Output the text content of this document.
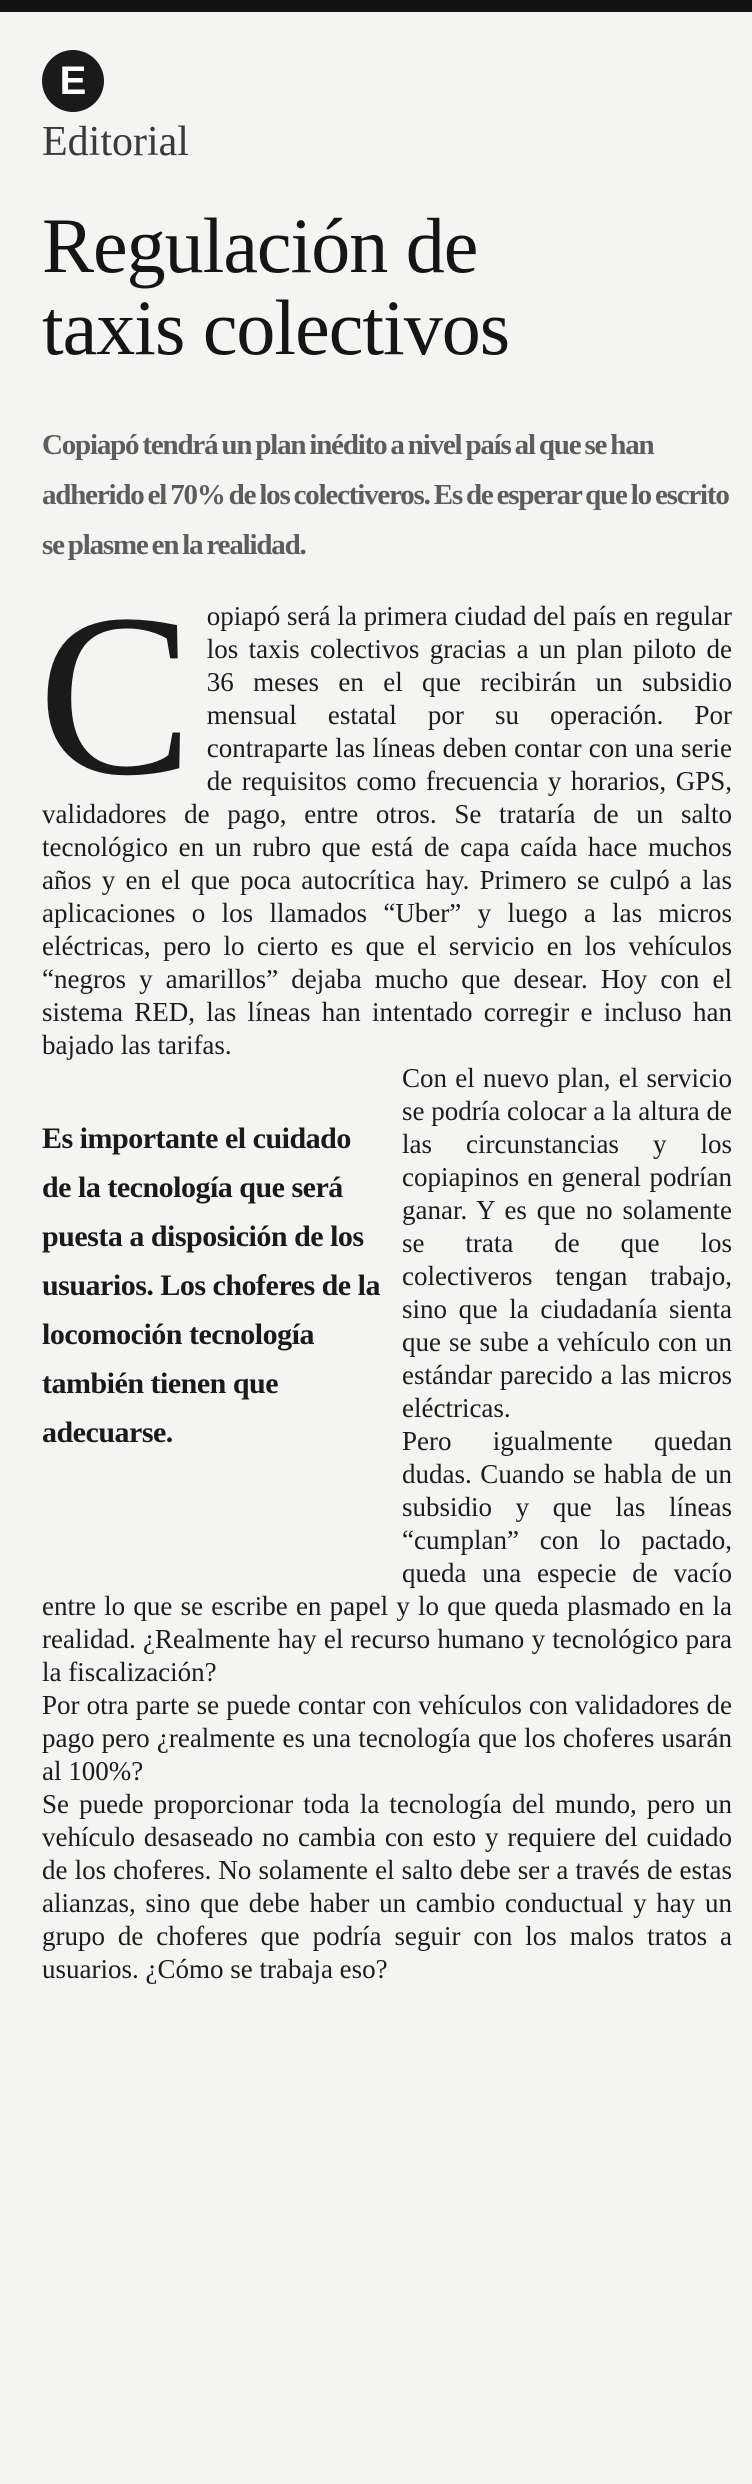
E
Editorial
Regulación de
taxis colectivos
Copiapó tendrá un plan inédito a nivel país al que se han adherido el 70% de los colectiveros. Es de esperar que lo escrito se plasme en la realidad.

C opiapó será la primera ciudad del país en regular los taxis colectivos gracias a un plan piloto de 36 meses en el que recibirán un subsidio mensual estatal por su operación. Por contraparte las líneas deben contar con una serie de requisitos como frecuencia y horarios, GPS, validadores de pago, entre otros. Se trataría de un salto tecnológico en un rubro que está de capa caída hace muchos años y en el que poca autocrítica hay. Primero se culpó a las aplicaciones o los llamados “Uber” y luego a las micros eléctricas, pero lo cierto es que el servicio en los vehículos “negros y amarillos” dejaba mucho que desear. Hoy con el sistema RED, las líneas han intentado corregir e incluso han bajado las tarifas.

Es importante el cuidado de la tecnología que será puesta a disposición de los usuarios. Los choferes de la locomoción tecnología también tienen que adecuarse.

Con el nuevo plan, el servicio se podría colocar a la altura de las circunstancias y los copiapinos en general podrían ganar. Y es que no solamente se trata de que los colectiveros tengan trabajo, sino que la ciudadanía sienta que se sube a vehículo con un estándar parecido a las micros eléctricas.

Pero igualmente quedan dudas. Cuando se habla de un subsidio y que las líneas “cumplan” con lo pactado, queda una especie de vacío entre lo que se escribe en papel y lo que queda plasmado en la realidad. ¿Realmente hay el recurso humano y tecnológico para la fiscalización?

Por otra parte se puede contar con vehículos con validadores de pago pero ¿realmente es una tecnología que los choferes usarán al 100%?

Se puede proporcionar toda la tecnología del mundo, pero un vehículo desaseado no cambia con esto y requiere del cuidado de los choferes. No solamente el salto debe ser a través de estas alianzas, sino que debe haber un cambio conductual y hay un grupo de choferes que podría seguir con los malos tratos a usuarios. ¿Cómo se trabaja eso?
